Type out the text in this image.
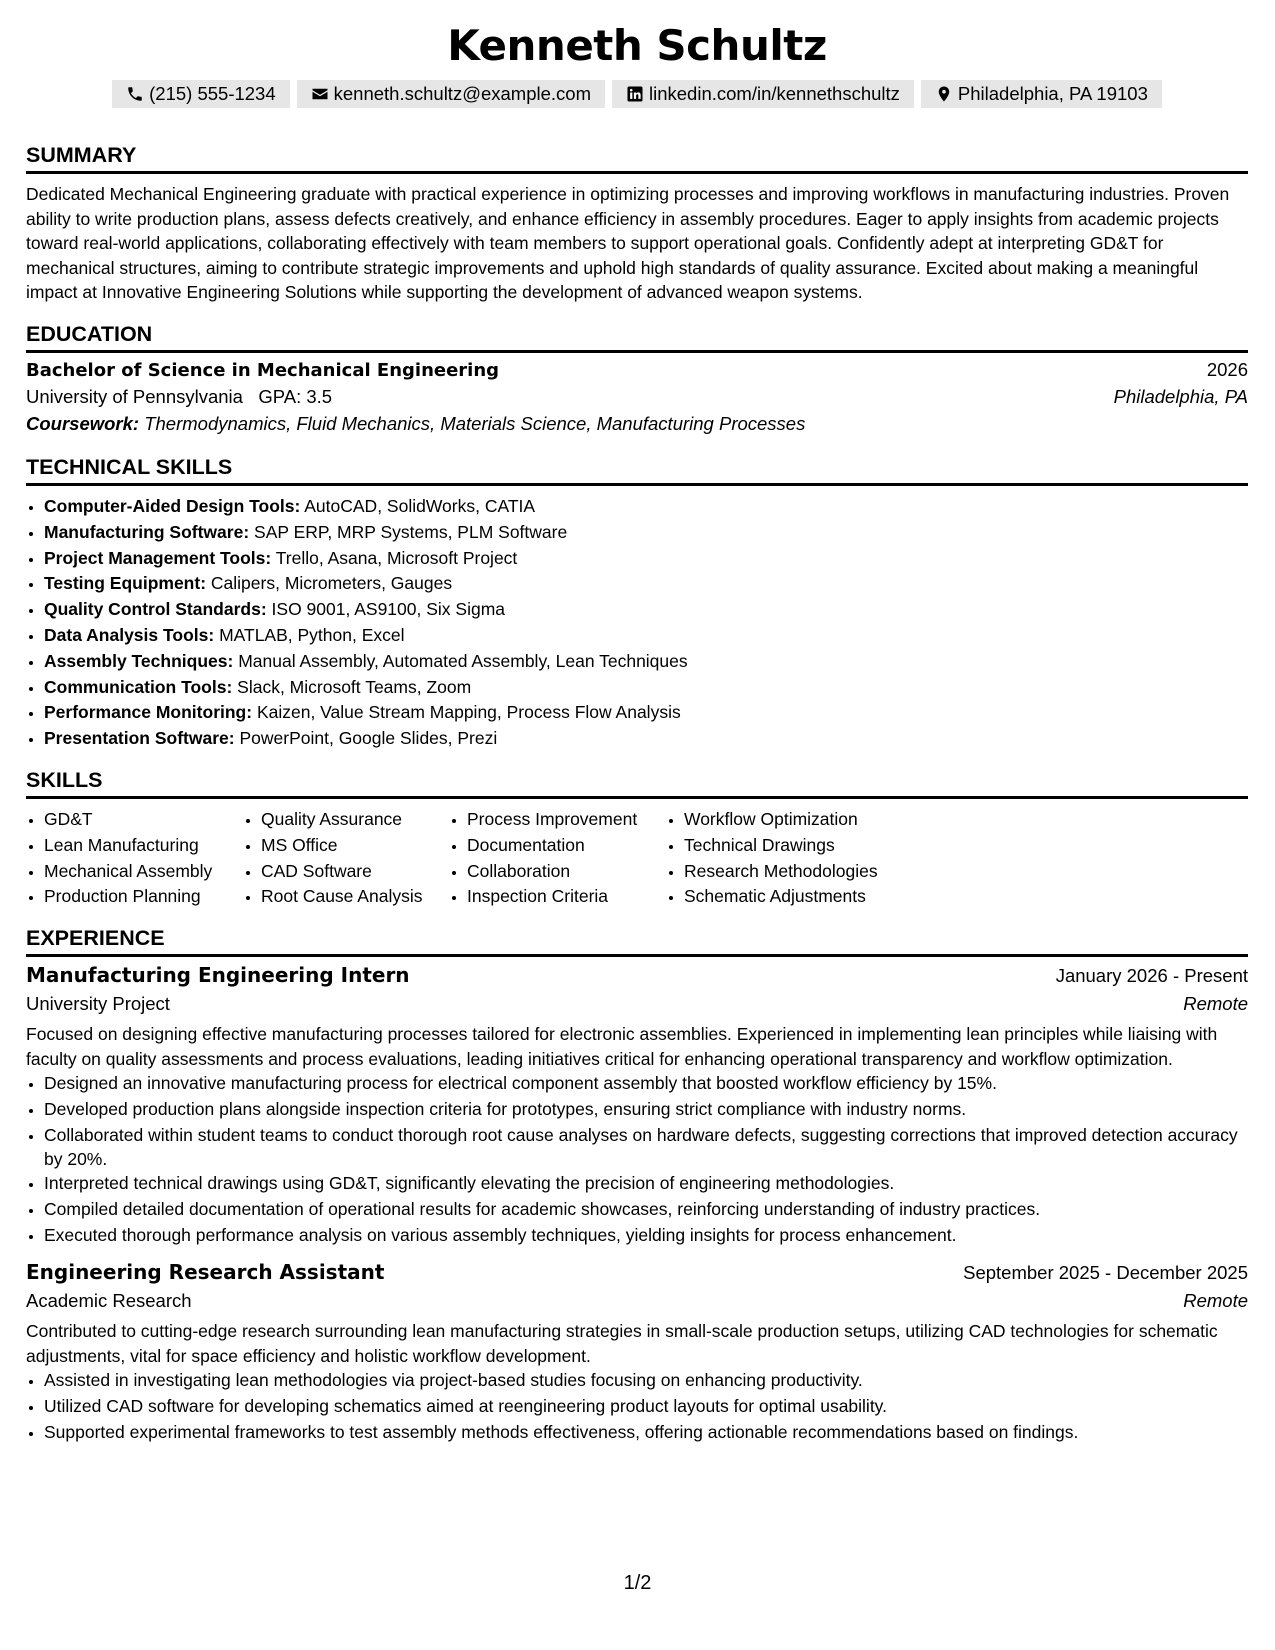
Kenneth Schultz
(215) 555-1234	kenneth.schultz@example.com	linkedin.com/in/kennethschultz	Philadelphia, PA 19103
SUMMARY

Dedicated Mechanical Engineering graduate with practical experience in optimizing processes and improving workflows in manufacturing industries. Proven ability to write production plans, assess defects creatively, and enhance efficiency in assembly procedures. Eager to apply insights from academic projects toward real-world applications, collaborating effectively with team members to support operational goals. Confidently adept at interpreting GD&T for mechanical structures, aiming to contribute strategic improvements and uphold high standards of quality assurance. Excited about making a meaningful impact at Innovative Engineering Solutions while supporting the development of advanced weapon systems.

EDUCATION
Bachelor of Science in Mechanical Engineering	2026
University of Pennsylvania GPA: 3.5	Philadelphia, PA
Coursework: Thermodynamics, Fluid Mechanics, Materials Science, Manufacturing Processes
TECHNICAL SKILLS
• Computer-Aided Design Tools: AutoCAD, SolidWorks, CATIA
• Manufacturing Software: SAP ERP, MRP Systems, PLM Software
• Project Management Tools: Trello, Asana, Microsoft Project
• Testing Equipment: Calipers, Micrometers, Gauges
• Quality Control Standards: ISO 9001, AS9100, Six Sigma
• Data Analysis Tools: MATLAB, Python, Excel
• Assembly Techniques: Manual Assembly, Automated Assembly, Lean Techniques
• Communication Tools: Slack, Microsoft Teams, Zoom
• Performance Monitoring: Kaizen, Value Stream Mapping, Process Flow Analysis
• Presentation Software: PowerPoint, Google Slides, Prezi
SKILLS
• GD&T
• Lean Manufacturing
• Mechanical Assembly
• Production Planning
• Quality Assurance
• MS Office
• CAD Software
• Root Cause Analysis
• Process Improvement
• Documentation
• Collaboration
• Inspection Criteria
• Workflow Optimization
• Technical Drawings
• Research Methodologies
• Schematic Adjustments
EXPERIENCE
Manufacturing Engineering Intern	January 2026 - Present
University Project	Remote

Focused on designing effective manufacturing processes tailored for electronic assemblies. Experienced in implementing lean principles while liaising with faculty on quality assessments and process evaluations, leading initiatives critical for enhancing operational transparency and workflow optimization.

• Designed an innovative manufacturing process for electrical component assembly that boosted workflow efficiency by 15%.
• Developed production plans alongside inspection criteria for prototypes, ensuring strict compliance with industry norms.
• Collaborated within student teams to conduct thorough root cause analyses on hardware defects, suggesting corrections that improved detection accuracy by 20%.
• Interpreted technical drawings using GD&T, significantly elevating the precision of engineering methodologies.
• Compiled detailed documentation of operational results for academic showcases, reinforcing understanding of industry practices.
• Executed thorough performance analysis on various assembly techniques, yielding insights for process enhancement.
Engineering Research Assistant	September 2025 - December 2025
Academic Research	Remote

Contributed to cutting-edge research surrounding lean manufacturing strategies in small-scale production setups, utilizing CAD technologies for schematic adjustments, vital for space efficiency and holistic workflow development.

• Assisted in investigating lean methodologies via project-based studies focusing on enhancing productivity.
• Utilized CAD software for developing schematics aimed at reengineering product layouts for optimal usability.
• Supported experimental frameworks to test assembly methods effectiveness, offering actionable recommendations based on findings.
1/2
